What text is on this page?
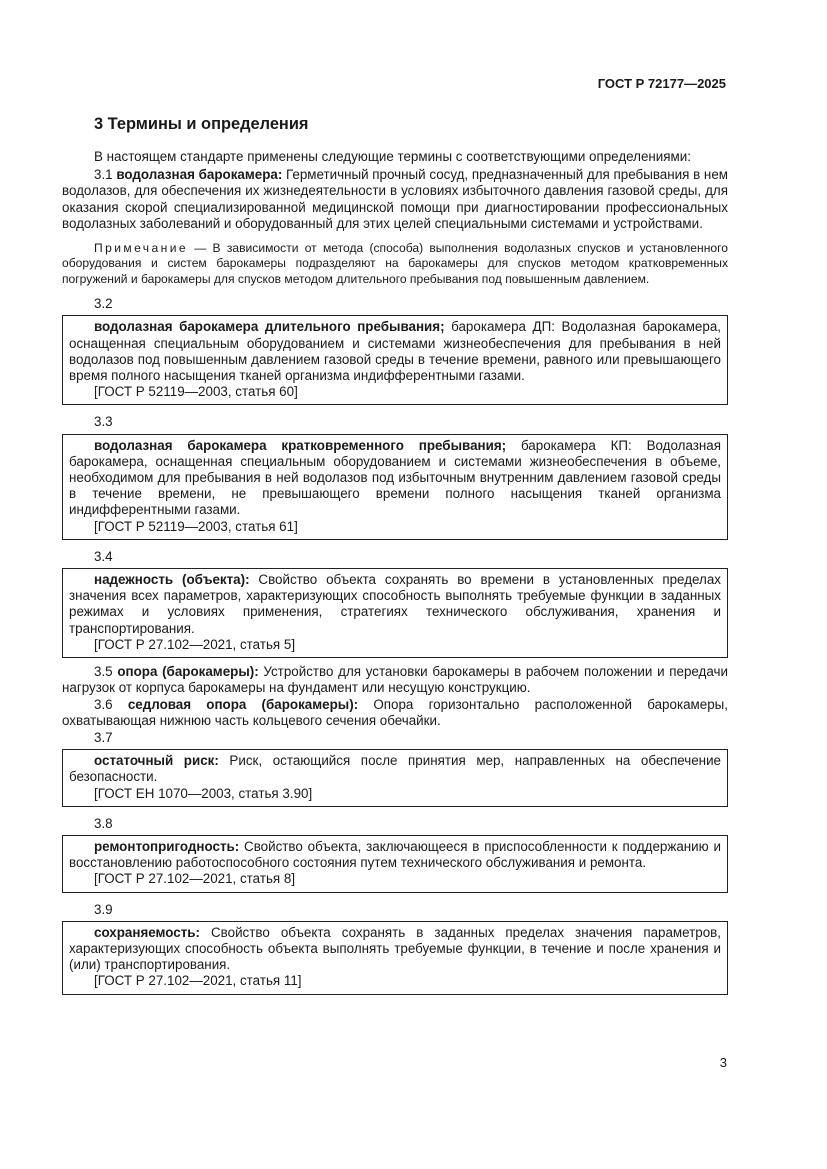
ГОСТ Р 72177—2025
3 Термины и определения

В настоящем стандарте применены следующие термины с соответствующими определениями:

3.1 водолазная барокамера: Герметичный прочный сосуд, предназначенный для пребывания в нем водолазов, для обеспечения их жизнедеятельности в условиях избыточного давления газовой среды, для оказания скорой специализированной медицинской помощи при диагностировании профессиональных водолазных заболеваний и оборудованный для этих целей специальными системами и устройствами.

Примечание — В зависимости от метода (способа) выполнения водолазных спусков и установленного оборудования и систем барокамеры подразделяют на барокамеры для спусков методом кратковременных погружений и барокамеры для спусков методом длительного пребывания под повышенным давлением.

3.2

водолазная барокамера длительного пребывания; барокамера ДП: Водолазная барокамера, оснащенная специальным оборудованием и системами жизнеобеспечения для пребывания в ней водолазов под повышенным давлением газовой среды в течение времени, равного или превышающего время полного насыщения тканей организма индифферентными газами.

[ГОСТ Р 52119—2003, статья 60]

3.3

водолазная барокамера кратковременного пребывания; барокамера КП: Водолазная барокамера, оснащенная специальным оборудованием и системами жизнеобеспечения в объеме, необходимом для пребывания в ней водолазов под избыточным внутренним давлением газовой среды в течение времени, не превышающего времени полного насыщения тканей организма индифферентными газами.

[ГОСТ Р 52119—2003, статья 61]

3.4

надежность (объекта): Свойство объекта сохранять во времени в установленных пределах значения всех параметров, характеризующих способность выполнять требуемые функции в заданных режимах и условиях применения, стратегиях технического обслуживания, хранения и транспортирования.

[ГОСТ Р 27.102—2021, статья 5]

3.5 опора (барокамеры): Устройство для установки барокамеры в рабочем положении и передачи нагрузок от корпуса барокамеры на фундамент или несущую конструкцию.

3.6 седловая опора (барокамеры): Опора горизонтально расположенной барокамеры, охватывающая нижнюю часть кольцевого сечения обечайки.

3.7

остаточный риск: Риск, остающийся после принятия мер, направленных на обеспечение безопасности.

[ГОСТ ЕН 1070—2003, статья 3.90]

3.8

ремонтопригодность: Свойство объекта, заключающееся в приспособленности к поддержанию и восстановлению работоспособного состояния путем технического обслуживания и ремонта.

[ГОСТ Р 27.102—2021, статья 8]

3.9

сохраняемость: Свойство объекта сохранять в заданных пределах значения параметров, характеризующих способность объекта выполнять требуемые функции, в течение и после хранения и (или) транспортирования.

[ГОСТ Р 27.102—2021, статья 11]

3
